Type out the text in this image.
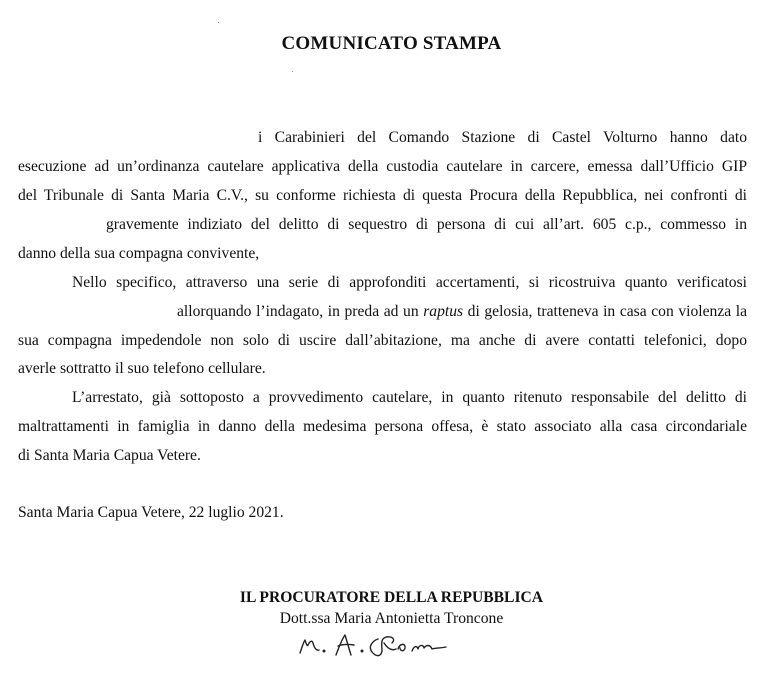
COMUNICATO STAMPA
i Carabinieri del Comando Stazione di Castel Volturno hanno dato
esecuzione ad un’ordinanza cautelare applicativa della custodia cautelare in carcere, emessa dall’Ufficio GIP
del Tribunale di Santa Maria C.V., su conforme richiesta di questa Procura della Repubblica, nei confronti di
gravemente indiziato del delitto di sequestro di persona di cui all’art. 605 c.p., commesso in
danno della sua compagna convivente,
Nello specifico, attraverso una serie di approfonditi accertamenti, si ricostruiva quanto verificatosi
allorquando l’indagato, in preda ad un raptus di gelosia, tratteneva in casa con violenza la
sua compagna impedendole non solo di uscire dall’abitazione, ma anche di avere contatti telefonici, dopo
averle sottratto il suo telefono cellulare.
L’arrestato, già sottoposto a provvedimento cautelare, in quanto ritenuto responsabile del delitto di
maltrattamenti in famiglia in danno della medesima persona offesa, è stato associato alla casa circondariale
di Santa Maria Capua Vetere.
Santa Maria Capua Vetere, 22 luglio 2021.
IL PROCURATORE DELLA REPUBBLICA
Dott.ssa Maria Antonietta Troncone
